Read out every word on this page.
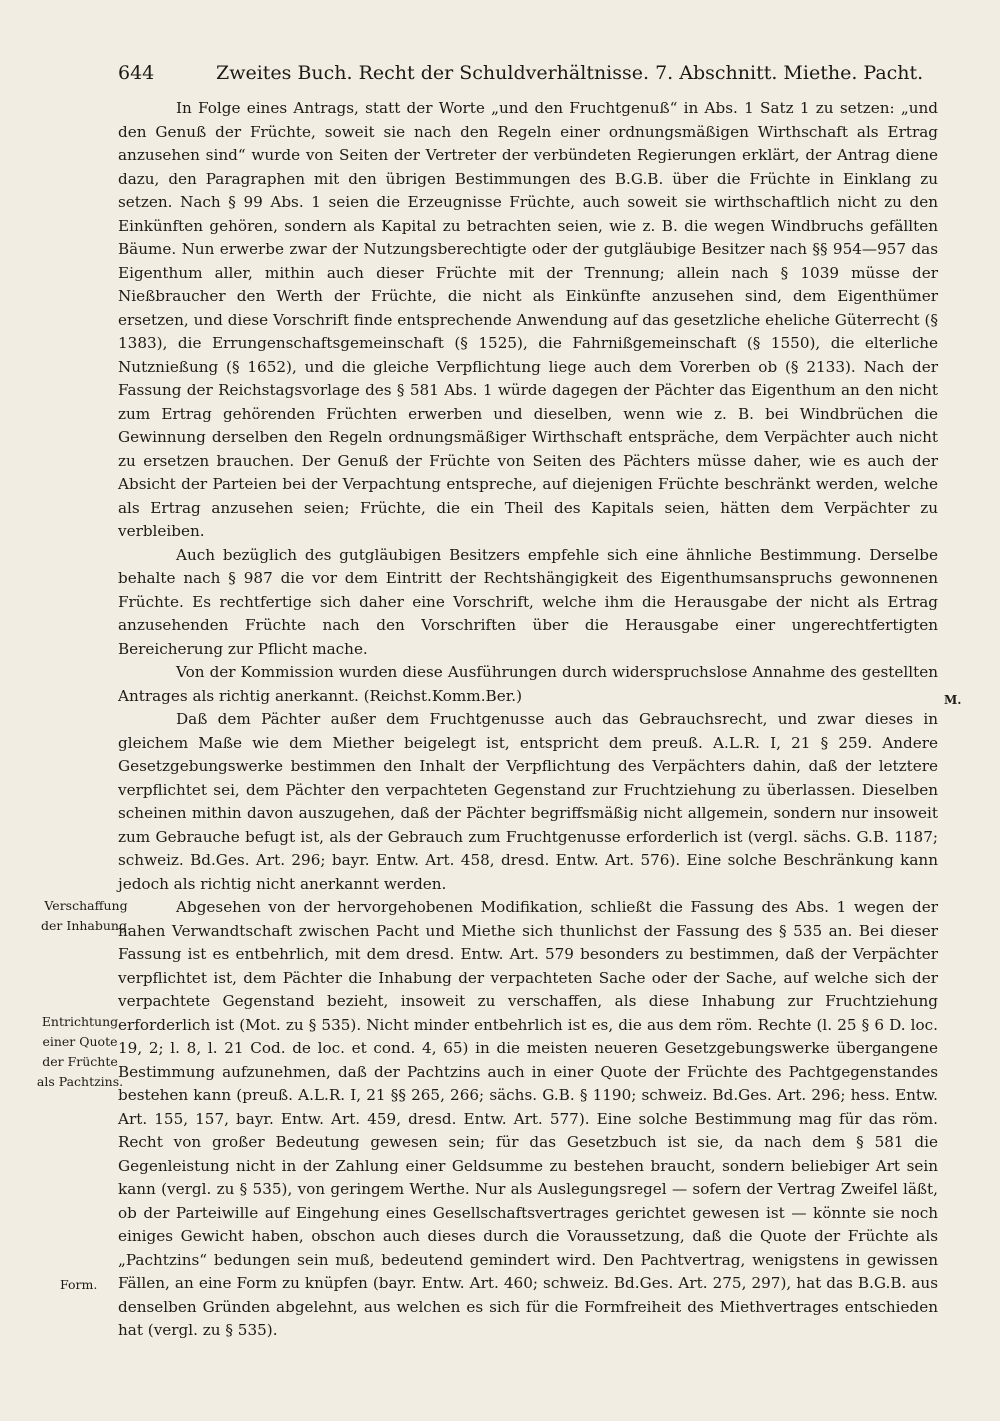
644	Zweites Buch. Recht der Schuldverhältnisse. 7. Abschnitt. Miethe. Pacht.

In Folge eines Antrags, statt der Worte „und den Fruchtgenuß“ in Abs. 1 Satz 1 zu setzen: „und den Genuß der Früchte, soweit sie nach den Regeln einer ordnungsmäßigen Wirthschaft als Ertrag anzusehen sind“ wurde von Seiten der Vertreter der verbündeten Regierungen erklärt, der Antrag diene dazu, den Paragraphen mit den übrigen Bestimmungen des B.G.B. über die Früchte in Einklang zu setzen. Nach § 99 Abs. 1 seien die Erzeugnisse Früchte, auch soweit sie wirthschaftlich nicht zu den Einkünften gehören, sondern als Kapital zu betrachten seien, wie z. B. die wegen Windbruchs gefällten Bäume. Nun erwerbe zwar der Nutzungsberechtigte oder der gutgläubige Besitzer nach §§ 954—957 das Eigenthum aller, mithin auch dieser Früchte mit der Trennung; allein nach § 1039 müsse der Nießbraucher den Werth der Früchte, die nicht als Einkünfte anzusehen sind, dem Eigenthümer ersetzen, und diese Vorschrift finde entsprechende Anwendung auf das gesetzliche eheliche Güterrecht (§ 1383), die Errungenschaftsgemeinschaft (§ 1525), die Fahrnißgemeinschaft (§ 1550), die elterliche Nutznießung (§ 1652), und die gleiche Verpflichtung liege auch dem Vorerben ob (§ 2133). Nach der Fassung der Reichstagsvorlage des § 581 Abs. 1 würde dagegen der Pächter das Eigenthum an den nicht zum Ertrag gehörenden Früchten erwerben und dieselben, wenn wie z. B. bei Windbrüchen die Gewinnung derselben den Regeln ordnungsmäßiger Wirthschaft entspräche, dem Verpächter auch nicht zu ersetzen brauchen. Der Genuß der Früchte von Seiten des Pächters müsse daher, wie es auch der Absicht der Parteien bei der Verpachtung entspreche, auf diejenigen Früchte beschränkt werden, welche als Ertrag anzusehen seien; Früchte, die ein Theil des Kapitals seien, hätten dem Verpächter zu verbleiben.

Auch bezüglich des gutgläubigen Besitzers empfehle sich eine ähnliche Bestimmung. Derselbe behalte nach § 987 die vor dem Eintritt der Rechtshängigkeit des Eigenthumsanspruchs gewonnenen Früchte. Es rechtfertige sich daher eine Vorschrift, welche ihm die Herausgabe der nicht als Ertrag anzusehenden Früchte nach den Vorschriften über die Herausgabe einer ungerechtfertigten Bereicherung zur Pflicht mache.

Von der Kommission wurden diese Ausführungen durch widerspruchslose Annahme des gestellten Antrages als richtig anerkannt. (Reichst.Komm.Ber.)

Daß dem Pächter außer dem Fruchtgenusse auch das Gebrauchsrecht, und zwar dieses in gleichem Maße wie dem Miether beigelegt ist, entspricht dem preuß. A.L.R. I, 21 § 259. Andere Gesetzgebungswerke bestimmen den Inhalt der Verpflichtung des Verpächters dahin, daß der letztere verpflichtet sei, dem Pächter den verpachteten Gegenstand zur Fruchtziehung zu überlassen. Dieselben scheinen mithin davon auszugehen, daß der Pächter begriffsmäßig nicht allgemein, sondern nur insoweit zum Gebrauche befugt ist, als der Gebrauch zum Fruchtgenusse erforderlich ist (vergl. sächs. G.B. 1187; schweiz. Bd.Ges. Art. 296; bayr. Entw. Art. 458, dresd. Entw. Art. 576). Eine solche Beschränkung kann jedoch als richtig nicht anerkannt werden.

Abgesehen von der hervorgehobenen Modifikation, schließt die Fassung des Abs. 1 wegen der nahen Verwandtschaft zwischen Pacht und Miethe sich thunlichst der Fassung des § 535 an. Bei dieser Fassung ist es entbehrlich, mit dem dresd. Entw. Art. 579 besonders zu bestimmen, daß der Verpächter verpflichtet ist, dem Pächter die Inhabung der verpachteten Sache oder der Sache, auf welche sich der verpachtete Gegenstand bezieht, insoweit zu verschaffen, als diese Inhabung zur Fruchtziehung erforderlich ist (Mot. zu § 535). Nicht minder entbehrlich ist es, die aus dem röm. Rechte (l. 25 § 6 D. loc. 19, 2; l. 8, l. 21 Cod. de loc. et cond. 4, 65) in die meisten neueren Gesetzgebungswerke übergangene Bestimmung aufzunehmen, daß der Pachtzins auch in einer Quote der Früchte des Pachtgegenstandes bestehen kann (preuß. A.L.R. I, 21 §§ 265, 266; sächs. G.B. § 1190; schweiz. Bd.Ges. Art. 296; hess. Entw. Art. 155, 157, bayr. Entw. Art. 459, dresd. Entw. Art. 577). Eine solche Bestimmung mag für das röm. Recht von großer Bedeutung gewesen sein; für das Gesetzbuch ist sie, da nach dem § 581 die Gegenleistung nicht in der Zahlung einer Geldsumme zu bestehen braucht, sondern beliebiger Art sein kann (vergl. zu § 535), von geringem Werthe. Nur als Auslegungsregel — sofern der Vertrag Zweifel läßt, ob der Parteiwille auf Eingehung eines Gesellschaftsvertrages gerichtet gewesen ist — könnte sie noch einiges Gewicht haben, obschon auch dieses durch die Voraussetzung, daß die Quote der Früchte als „Pachtzins“ bedungen sein muß, bedeutend gemindert wird. Den Pachtvertrag, wenigstens in gewissen Fällen, an eine Form zu knüpfen (bayr. Entw. Art. 460; schweiz. Bd.Ges. Art. 275, 297), hat das B.G.B. aus denselben Gründen abgelehnt, aus welchen es sich für die Formfreiheit des Miethvertrages entschieden hat (vergl. zu § 535).

M.
Verschaffung
der Inhabung.
Entrichtung
einer Quote
der Früchte
als Pachtzins.
Form.
